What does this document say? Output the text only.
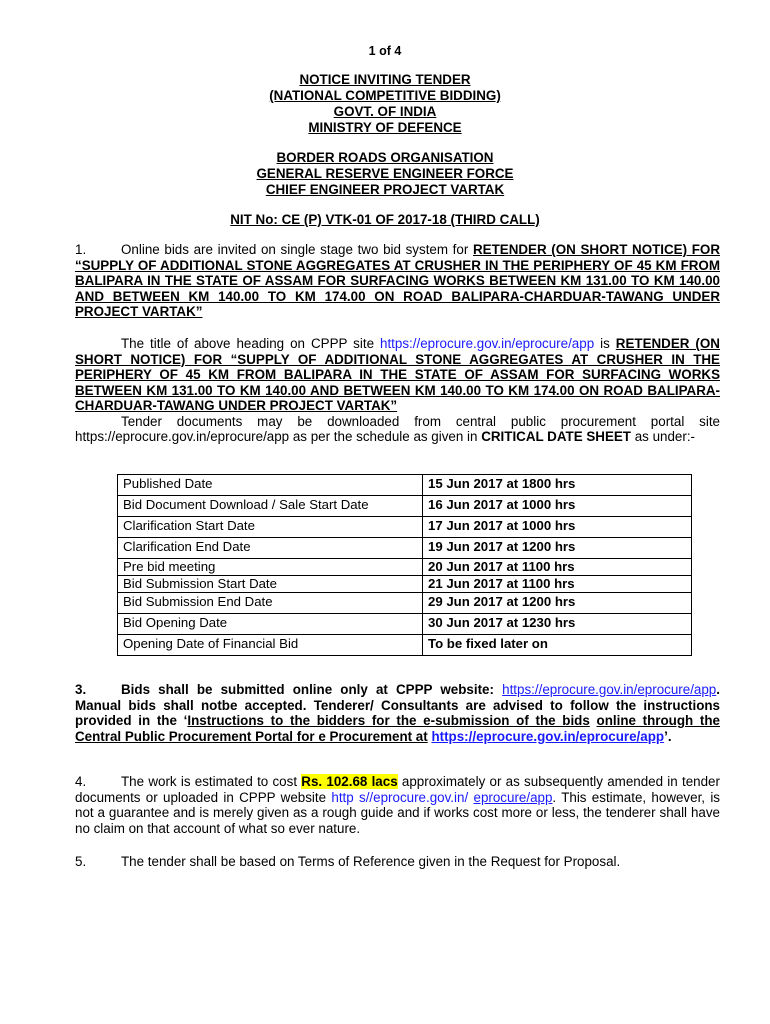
1 of 4
NOTICE INVITING TENDER
(NATIONAL COMPETITIVE BIDDING)
GOVT. OF INDIA
MINISTRY OF DEFENCE
BORDER ROADS ORGANISATION
GENERAL RESERVE ENGINEER FORCE
CHIEF ENGINEER PROJECT VARTAK
NIT No: CE (P) VTK-01 OF 2017-18 (THIRD CALL)
1.	Online bids are invited on single stage two bid system for RETENDER (ON SHORT NOTICE) FOR “SUPPLY OF ADDITIONAL STONE AGGREGATES AT CRUSHER IN THE PERIPHERY OF 45 KM FROM BALIPARA IN THE STATE OF ASSAM FOR SURFACING WORKS BETWEEN KM 131.00 TO KM 140.00 AND BETWEEN KM 140.00 TO KM 174.00 ON ROAD BALIPARA-CHARDUAR-TAWANG UNDER PROJECT VARTAK”
The title of above heading on CPPP site https://eprocure.gov.in/eprocure/app is RETENDER (ON SHORT NOTICE) FOR “SUPPLY OF ADDITIONAL STONE AGGREGATES AT CRUSHER IN THE PERIPHERY OF 45 KM FROM BALIPARA IN THE STATE OF ASSAM FOR SURFACING WORKS BETWEEN KM 131.00 TO KM 140.00 AND BETWEEN KM 140.00 TO KM 174.00 ON ROAD BALIPARA-CHARDUAR-TAWANG UNDER PROJECT VARTAK”
Tender documents may be downloaded from central public procurement portal site https://eprocure.gov.in/eprocure/app as per the schedule as given in CRITICAL DATE SHEET as under:-
Published Date	15 Jun 2017 at 1800 hrs
Bid Document Download / Sale Start Date	16 Jun 2017 at 1000 hrs
Clarification Start Date	17 Jun 2017 at 1000 hrs
Clarification End Date	19 Jun 2017 at 1200 hrs
Pre bid meeting	20 Jun 2017 at 1100 hrs
Bid Submission Start Date	21 Jun 2017 at 1100 hrs
Bid Submission End Date	29 Jun 2017 at 1200 hrs
Bid Opening Date	30 Jun 2017 at 1230 hrs
Opening Date of Financial Bid	To be fixed later on
3.	Bids shall be submitted online only at CPPP website: https://eprocure.gov.in/eprocure/app. Manual bids shall notbe accepted. Tenderer/ Consultants are advised to follow the instructions provided in the ‘Instructions to the bidders for the e-submission of the bids online through the Central Public Procurement Portal for e Procurement at https://eprocure.gov.in/eprocure/app’.
4.	The work is estimated to cost Rs. 102.68 lacs approximately or as subsequently amended in tender documents or uploaded in CPPP website http s//eprocure.gov.in/ eprocure/app. This estimate, however, is not a guarantee and is merely given as a rough guide and if works cost more or less, the tenderer shall have no claim on that account of what so ever nature.
5.	The tender shall be based on Terms of Reference given in the Request for Proposal.
